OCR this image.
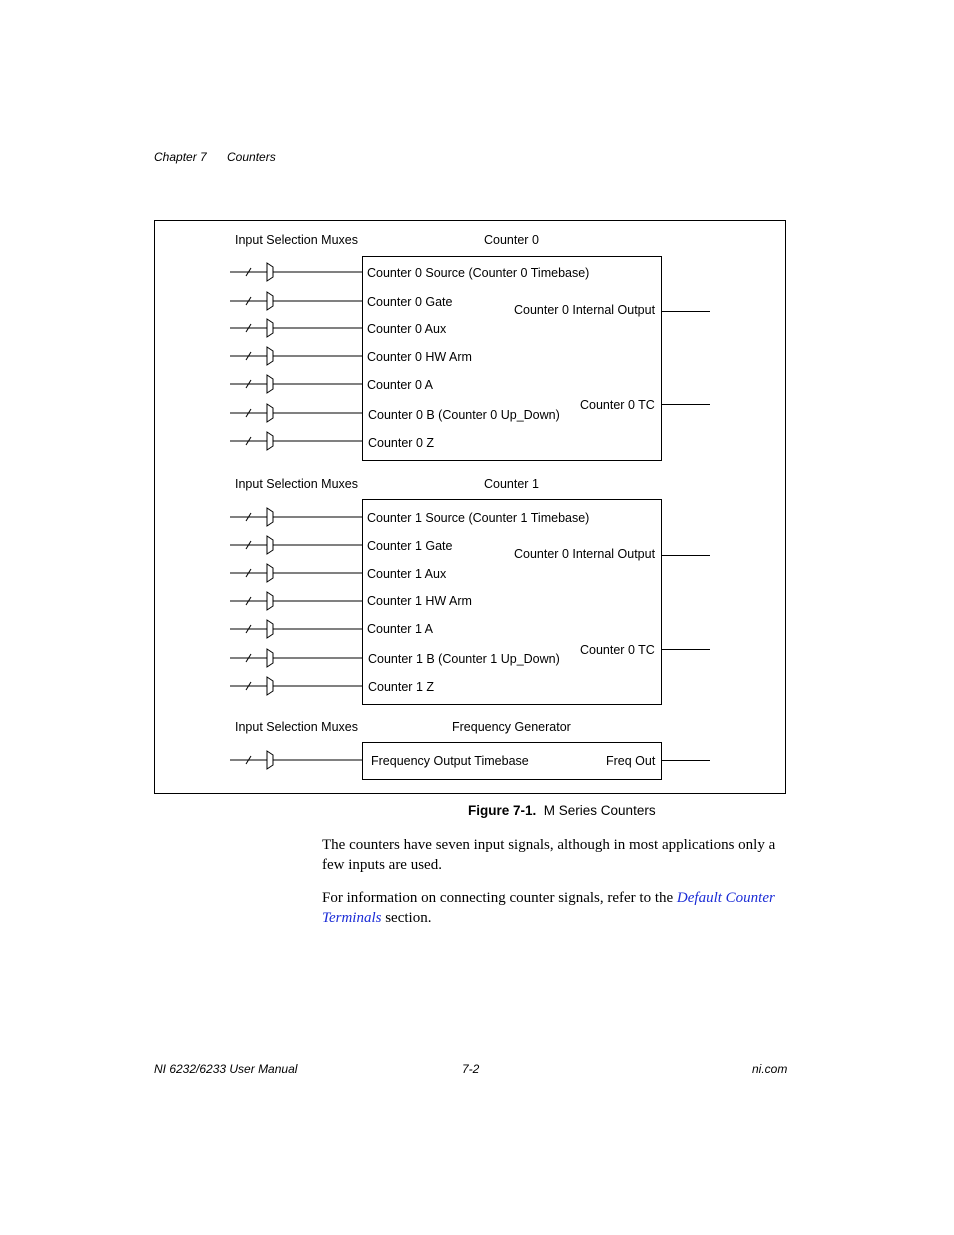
Chapter 7 Counters
Input Selection Muxes	Counter 0
Input Selection Muxes	Counter 1
Input Selection Muxes	Frequency Generator
Counter 0 Source (Counter 0 Timebase)
Counter 0 Gate
Counter 0 Aux
Counter 0 HW Arm
Counter 0 A
Counter 0 B (Counter 0 Up_Down)
Counter 0 Z
Counter 0 Internal Output
Counter 0 TC
Counter 1 Source (Counter 1 Timebase)
Counter 1 Gate
Counter 1 Aux
Counter 1 HW Arm
Counter 1 A
Counter 1 B (Counter 1 Up_Down)
Counter 1 Z
Counter 0 Internal Output
Counter 0 TC
Frequency Output Timebase	Freq Out
Figure 7-1. M Series Counters
The counters have seven input signals, although in most applications only a few inputs are used.
For information on connecting counter signals, refer to the Default Counter Terminals section.
NI 6232/6233 User Manual	7-2	ni.com
